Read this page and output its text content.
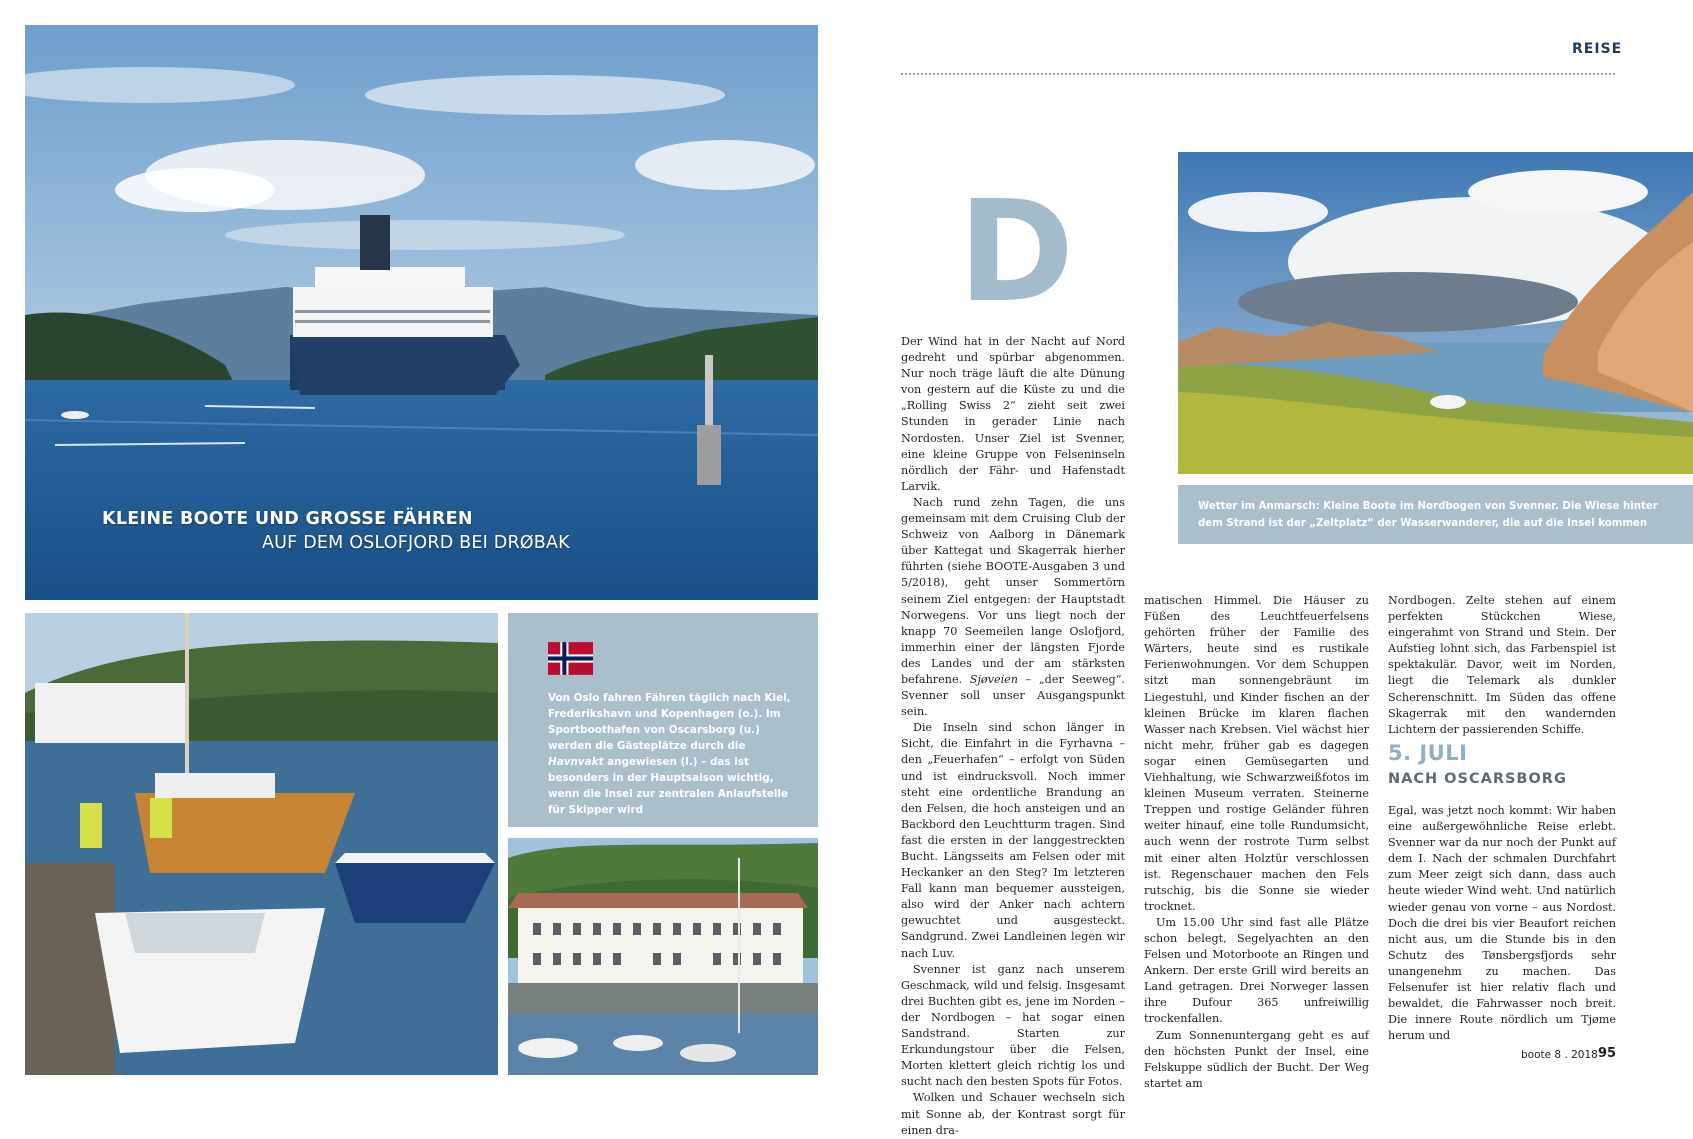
KLEINE BOOTE UND GROSSE FÄHREN
AUF DEM OSLOFJORD BEI DRØBAK
Von Oslo fahren Fähren täglich nach Kiel, Frederikshavn und Kopenhagen (o.). Im Sportboothafen von Oscarsborg (u.) werden die Gästeplätze durch die Havnvakt angewiesen (l.) – das ist besonders in der Hauptsaison wichtig, wenn die Insel zur zentralen Anlaufstelle für Skipper wird
REISE
Wetter im Anmarsch: Kleine Boote im Nordbogen von Svenner. Die Wiese hinter dem Strand ist der „Zeltplatz“ der Wasserwanderer, die auf die Insel kommen
D

Der Wind hat in der Nacht auf Nord gedreht und spürbar abgenommen. Nur noch träge läuft die alte Dünung von gestern auf die Küste zu und die „Rolling Swiss 2“ zieht seit zwei Stunden in gerader Linie nach Nordosten. Unser Ziel ist Svenner, eine kleine Gruppe von Felseninseln nördlich der Fähr- und Hafenstadt Larvik.

Nach rund zehn Tagen, die uns gemeinsam mit dem Cruising Club der Schweiz von Aalborg in Dänemark über Kattegat und Skagerrak hierher führten (siehe BOOTE-Ausgaben 3 und 5/2018), geht unser Sommertörn seinem Ziel entgegen: der Hauptstadt Norwegens. Vor uns liegt noch der knapp 70 Seemeilen lange Oslofjord, immerhin einer der längsten Fjorde des Landes und der am stärksten befahrene. Sjøveien – „der Seeweg“. Svenner soll unser Ausgangspunkt sein.

Die Inseln sind schon länger in Sicht, die Einfahrt in die Fyrhavna – den „Feuerhafen“ – erfolgt von Süden und ist eindrucksvoll. Noch immer steht eine ordentliche Brandung an den Felsen, die hoch ansteigen und an Backbord den Leuchtturm tragen. Sind fast die ersten in der langgestreckten Bucht. Längsseits am Felsen oder mit Heckanker an den Steg? Im letzteren Fall kann man bequemer aussteigen, also wird der Anker nach achtern gewuchtet und ausgesteckt. Sandgrund. Zwei Landleinen legen wir nach Luv.

Svenner ist ganz nach unserem Geschmack, wild und felsig. Insgesamt drei Buchten gibt es, jene im Norden – der Nordbogen – hat sogar einen Sandstrand. Starten zur Erkundungstour über die Felsen, Morten klettert gleich richtig los und sucht nach den besten Spots für Fotos.

Wolken und Schauer wechseln sich mit Sonne ab, der Kontrast sorgt für einen dra-

matischen Himmel. Die Häuser zu Füßen des Leuchtfeuerfelsens gehörten früher der Familie des Wärters, heute sind es rustikale Ferienwohnungen. Vor dem Schuppen sitzt man sonnengebräunt im Liegestuhl, und Kinder fischen an der kleinen Brücke im klaren flachen Wasser nach Krebsen. Viel wächst hier nicht mehr, früher gab es dagegen sogar einen Gemüsegarten und Viehhaltung, wie Schwarzweißfotos im kleinen Museum verraten. Steinerne Treppen und rostige Geländer führen weiter hinauf, eine tolle Rundumsicht, auch wenn der rostrote Turm selbst mit einer alten Holztür verschlossen ist. Regenschauer machen den Fels rutschig, bis die Sonne sie wieder trocknet.

Um 15.00 Uhr sind fast alle Plätze schon belegt, Segelyachten an den Felsen und Motorboote an Ringen und Ankern. Der erste Grill wird bereits an Land getragen. Drei Norweger lassen ihre Dufour 365 unfreiwillig trockenfallen.

Zum Sonnenuntergang geht es auf den höchsten Punkt der Insel, eine Felskuppe südlich der Bucht. Der Weg startet am

Nordbogen. Zelte stehen auf einem perfekten Stückchen Wiese, eingerahmt von Strand und Stein. Der Aufstieg lohnt sich, das Farbenspiel ist spektakulär. Davor, weit im Norden, liegt die Telemark als dunkler Scherenschnitt. Im Süden das offene Skagerrak mit den wandernden Lichtern der passierenden Schiffe.

5. JULI
NACH OSCARSBORG

Egal, was jetzt noch kommt: Wir haben eine außergewöhnliche Reise erlebt. Svenner war da nur noch der Punkt auf dem I. Nach der schmalen Durchfahrt zum Meer zeigt sich dann, dass auch heute wieder Wind weht. Und natürlich wieder genau von vorne – aus Nordost. Doch die drei bis vier Beaufort reichen nicht aus, um die Stunde bis in den Schutz des Tønsbergsfjords sehr unangenehm zu machen. Das Felsenufer ist hier relativ flach und bewaldet, die Fahrwasser noch breit. Die innere Route nördlich um Tjøme herum und

boote 8 . 2018 95
